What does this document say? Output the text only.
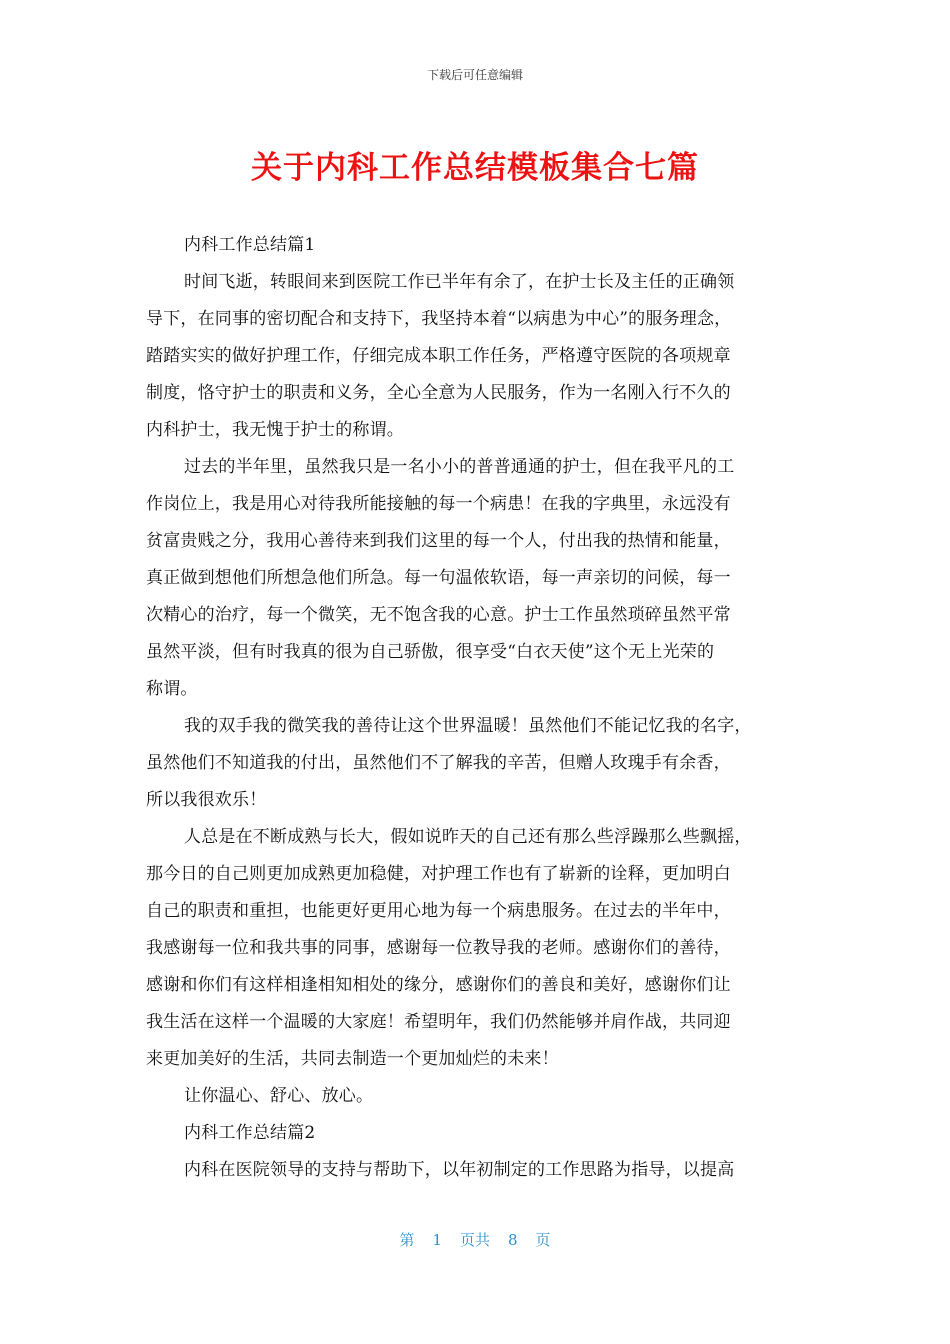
下载后可任意编辑
关于内科工作总结模板集合七篇
内科工作总结篇1
时间飞逝，转眼间来到医院工作已半年有余了，在护士长及主任的正确领
导下，在同事的密切配合和支持下，我坚持本着“以病患为中心”的服务理念，
踏踏实实的做好护理工作，仔细完成本职工作任务，严格遵守医院的各项规章
制度，恪守护士的职责和义务，全心全意为人民服务，作为一名刚入行不久的
内科护士，我无愧于护士的称谓。
过去的半年里，虽然我只是一名小小的普普通通的护士，但在我平凡的工
作岗位上，我是用心对待我所能接触的每一个病患！在我的字典里，永远没有
贫富贵贱之分，我用心善待来到我们这里的每一个人，付出我的热情和能量，
真正做到想他们所想急他们所急。每一句温侬软语，每一声亲切的问候，每一
次精心的治疗，每一个微笑，无不饱含我的心意。护士工作虽然琐碎虽然平常
虽然平淡，但有时我真的很为自己骄傲，很享受“白衣天使”这个无上光荣的
称谓。
我的双手我的微笑我的善待让这个世界温暖！虽然他们不能记忆我的名字，
虽然他们不知道我的付出，虽然他们不了解我的辛苦，但赠人玫瑰手有余香，
所以我很欢乐！
人总是在不断成熟与长大，假如说昨天的自己还有那么些浮躁那么些飘摇，
那今日的自己则更加成熟更加稳健，对护理工作也有了崭新的诠释，更加明白
自己的职责和重担，也能更好更用心地为每一个病患服务。在过去的半年中，
我感谢每一位和我共事的同事，感谢每一位教导我的老师。感谢你们的善待，
感谢和你们有这样相逢相知相处的缘分，感谢你们的善良和美好，感谢你们让
我生活在这样一个温暖的大家庭！希望明年，我们仍然能够并肩作战，共同迎
来更加美好的生活，共同去制造一个更加灿烂的未来！
让你温心、舒心、放心。
内科工作总结篇2
内科在医院领导的支持与帮助下，以年初制定的工作思路为指导，以提高
第 1 页共 8 页
